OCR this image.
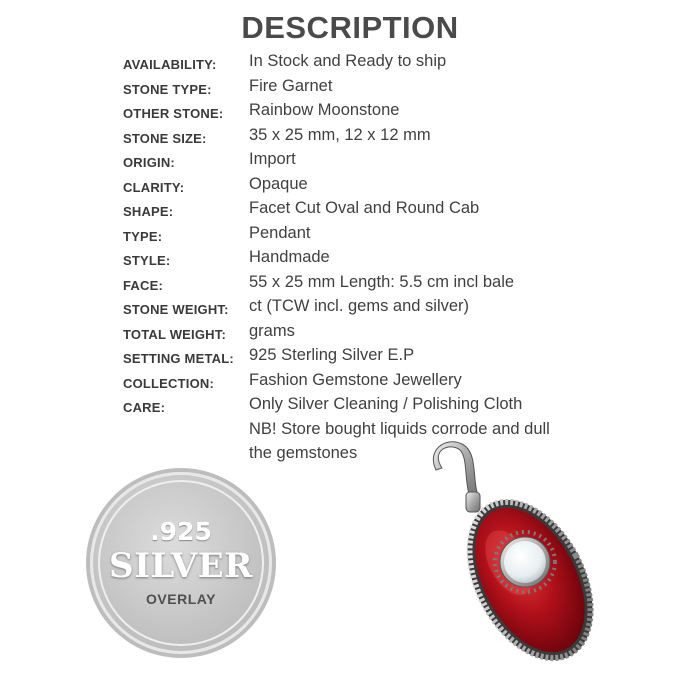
DESCRIPTION
AVAILABILITY: In Stock and Ready to ship
STONE TYPE: Fire Garnet
OTHER STONE: Rainbow Moonstone
STONE SIZE:	35 x 25 mm, 12 x 12 mm
ORIGIN:	Import
CLARITY:	Opaque
SHAPE:	Facet Cut Oval and Round Cab
TYPE:	Pendant
STYLE:	Handmade
FACE:	55 x 25 mm Length: 5.5 cm incl bale
STONE WEIGHT: ct (TCW incl. gems and silver)
TOTAL WEIGHT: grams
SETTING METAL: 925 Sterling Silver E.P
COLLECTION: Fashion Gemstone Jewellery
CARE:	Only Silver Cleaning / Polishing Cloth
NB! Store bought liquids corrode and dull
the gemstones
.925
SILVER
OVERLAY
